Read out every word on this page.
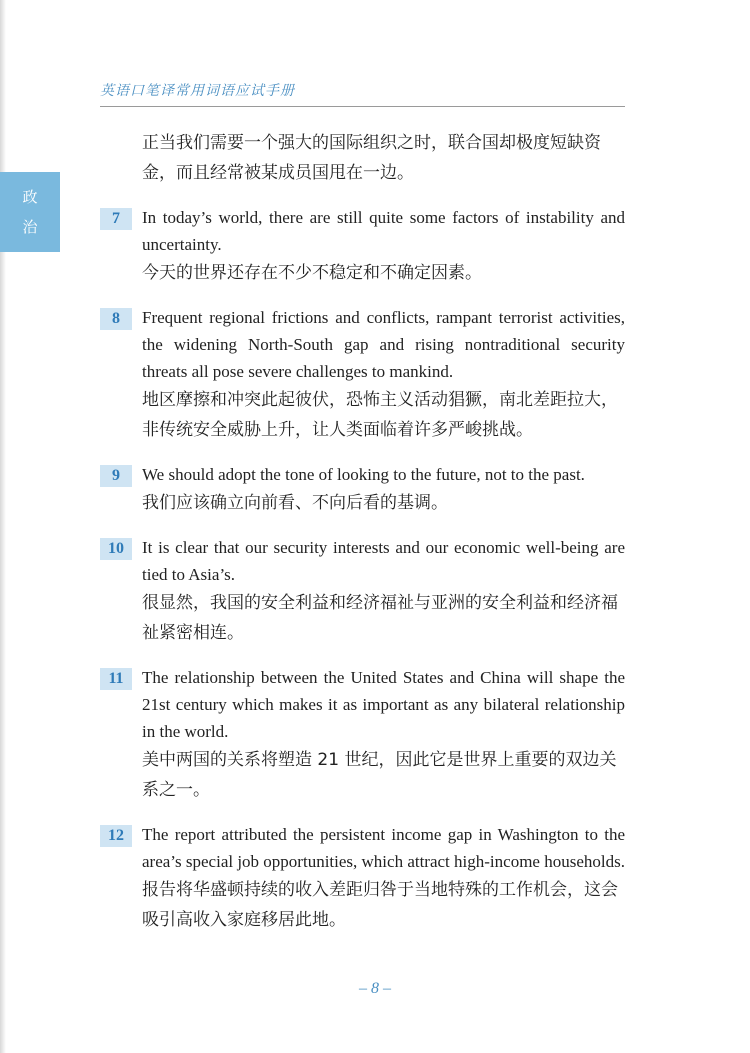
英语口笔译常用词语应试手册
政
治
正当我们需要一个强大的国际组织之时，联合国却极度短缺资金，而且经常被某成员国甩在一边。
7	In today’s world, there are still quite some factors of instability and uncertainty.
今天的世界还存在不少不稳定和不确定因素。
8	Frequent regional frictions and conflicts, rampant terrorist activities, the widening North-South gap and rising nontraditional security threats all pose severe challenges to mankind.
地区摩擦和冲突此起彼伏，恐怖主义活动猖獗，南北差距拉大，非传统安全威胁上升，让人类面临着许多严峻挑战。
9	We should adopt the tone of looking to the future, not to the past.
我们应该确立向前看、不向后看的基调。
10	It is clear that our security interests and our economic well-being are tied to Asia’s.
很显然，我国的安全利益和经济福祉与亚洲的安全利益和经济福祉紧密相连。
11	The relationship between the United States and China will shape the 21st century which makes it as important as any bilateral relationship in the world.
美中两国的关系将塑造 21 世纪，因此它是世界上重要的双边关系之一。
12	The report attributed the persistent income gap in Washington to the area’s special job opportunities, which attract high-income households.
报告将华盛顿持续的收入差距归咎于当地特殊的工作机会，这会吸引高收入家庭移居此地。
– 8 –
